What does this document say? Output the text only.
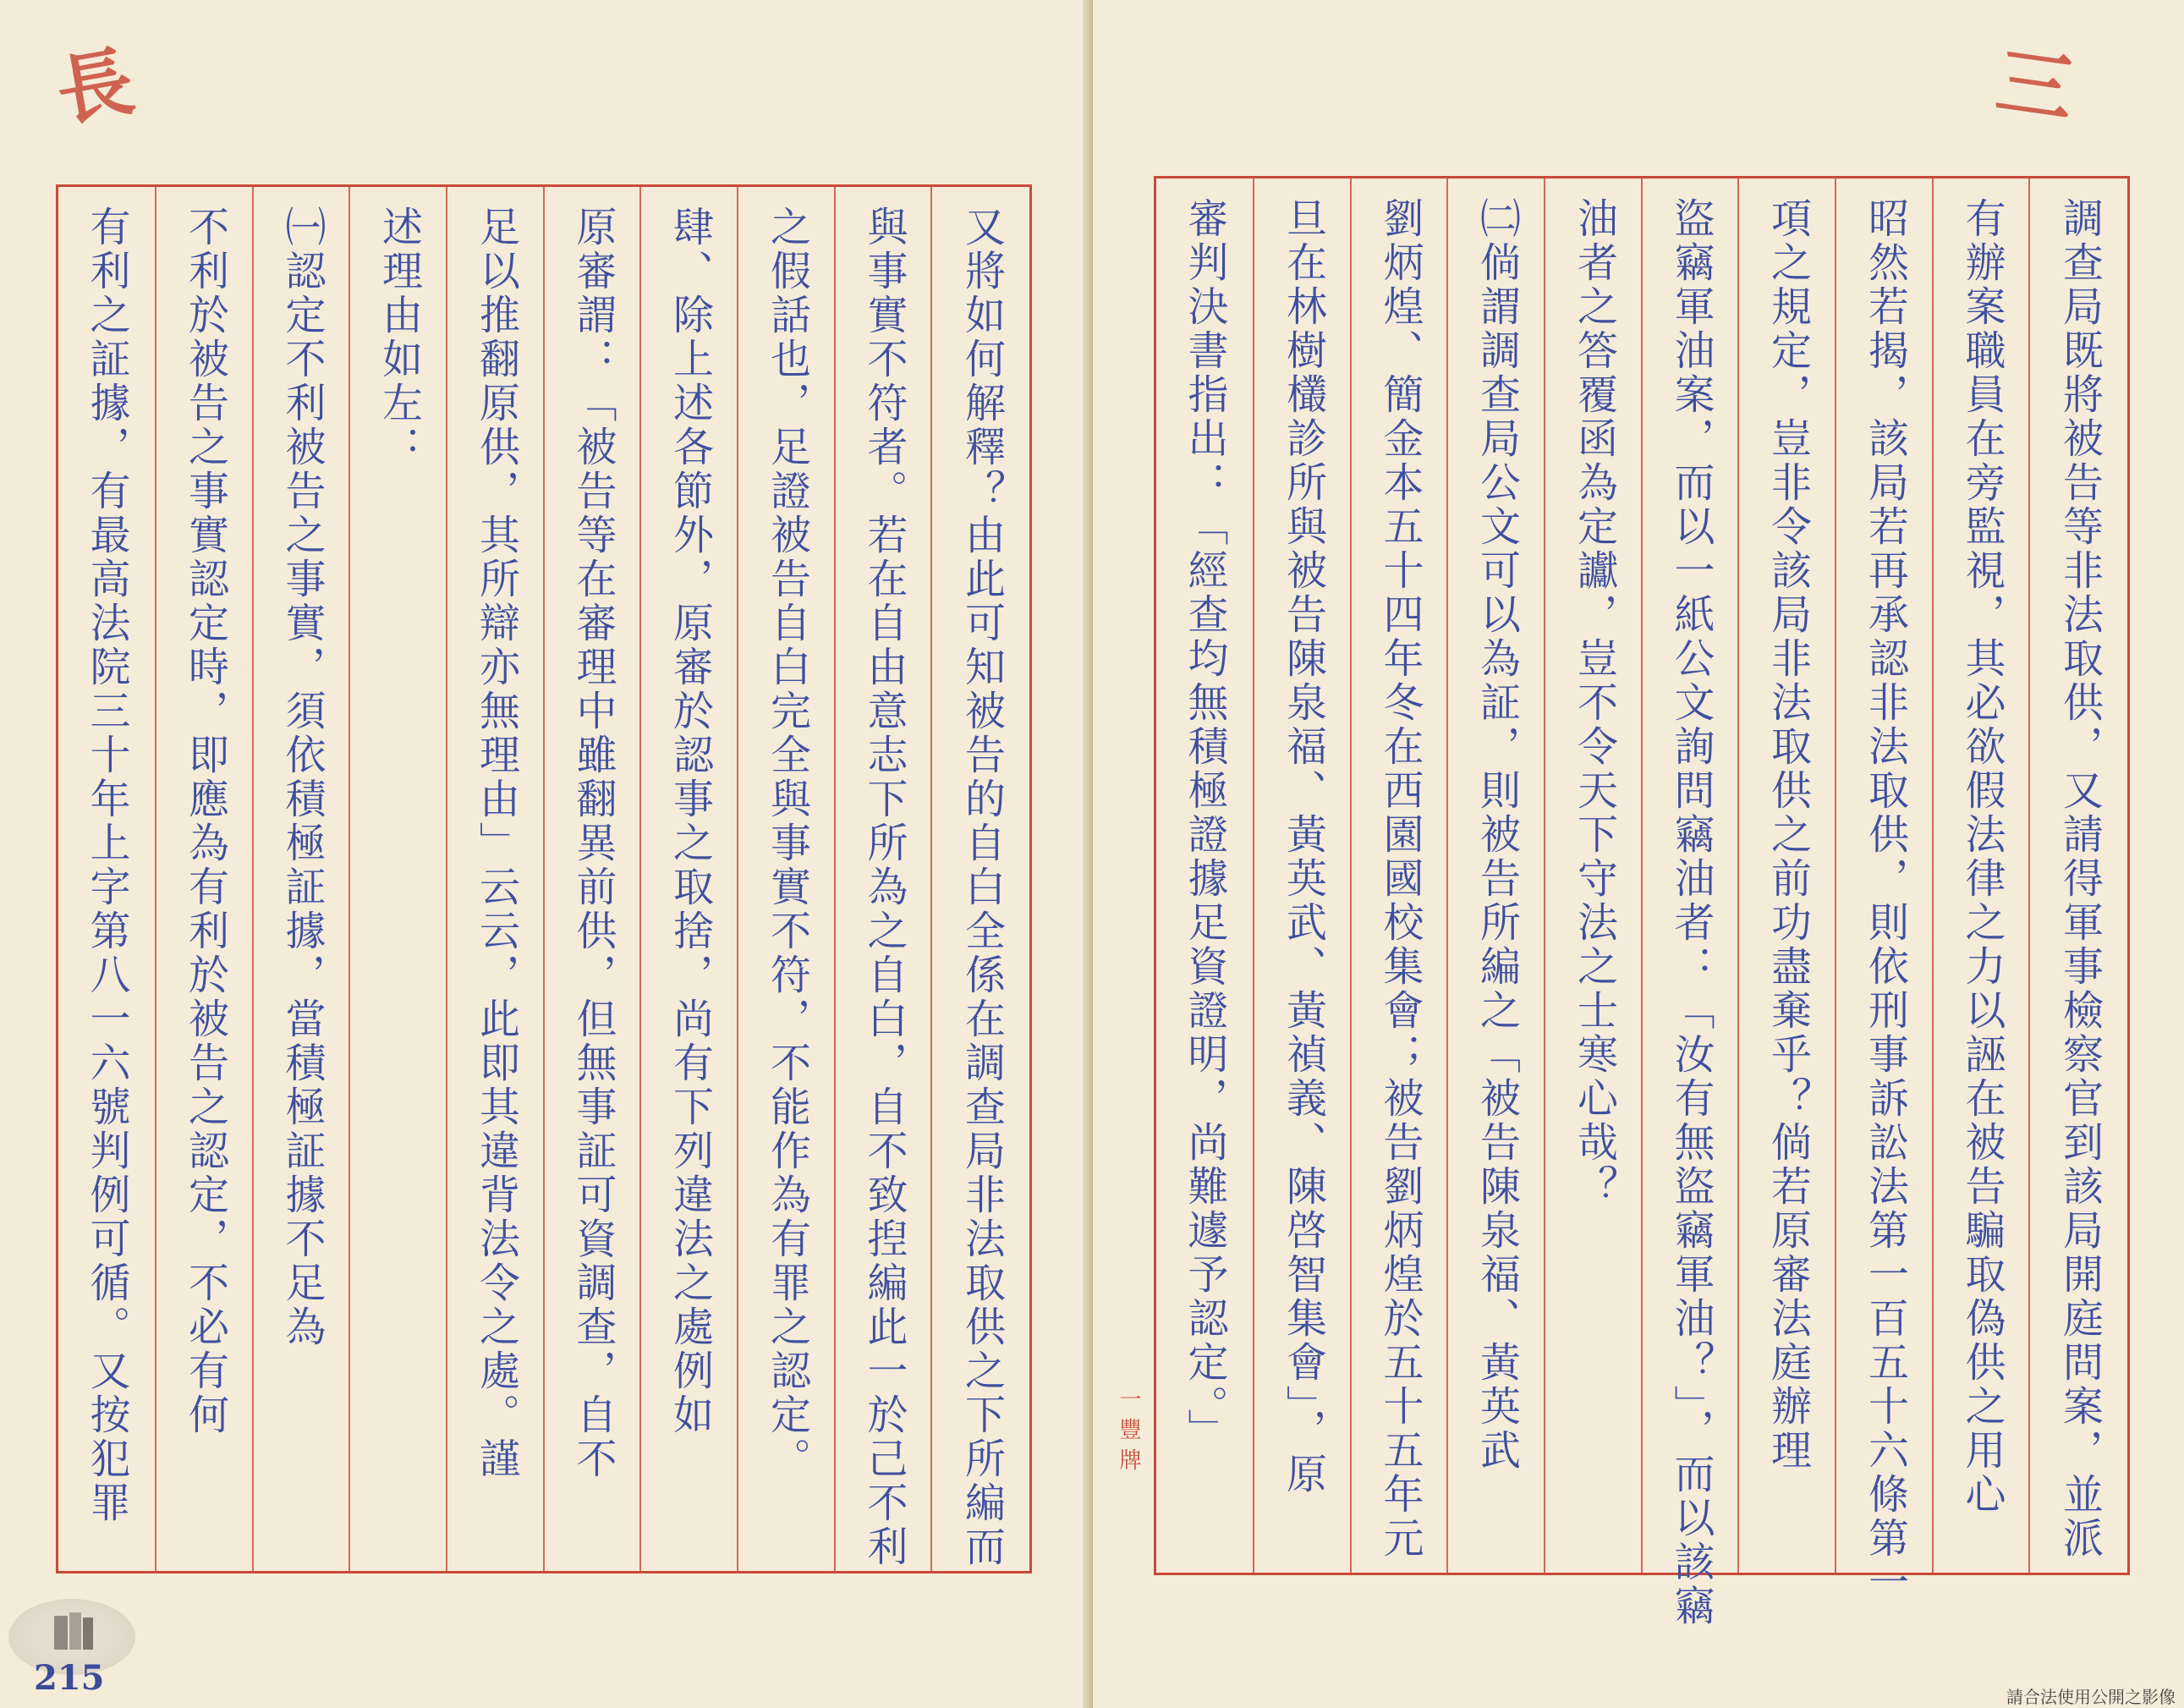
長
有利之証據，有最高法院三十年上字第八一六號判例可循。又按犯罪 不利於被告之事實認定時，即應為有利於被告之認定，不必有何 ㈠認定不利被告之事實，須依積極証據，當積極証據不足為 述理由如左： 足以推翻原供，其所辯亦無理由」云云，此即其違背法令之處。謹 原審謂：「被告等在審理中雖翻異前供，但無事証可資調查，自不 肆、除上述各節外，原審於認事之取捨，尚有下列違法之處例如 之假話也，足證被告自白完全與事實不符，不能作為有罪之認定。 與事實不符者。若在自由意志下所為之自白，自不致揑編此一於己不利 又將如何解釋？由此可知被告的自白全係在調查局非法取供之下所編而
215
審判決書指出：「經查均無積極證據足資證明，尚難遽予認定。」 旦在林樹欉診所與被告陳泉福、黃英武、黃禎義、陳啓智集會」，原 劉炳煌、簡金本五十四年冬在西園國校集會；被告劉炳煌於五十五年元 ㈡倘謂調查局公文可以為証，則被告所編之「被告陳泉福、黃英武 油者之答覆函為定讞，豈不令天下守法之士寒心哉？ 盜竊軍油案，而以一紙公文詢問竊油者：「汝有無盜竊軍油？」，而以該竊 項之規定，豈非令該局非法取供之前功盡棄乎？倘若原審法庭辦理 昭然若揭，該局若再承認非法取供，則依刑事訴訟法第一百五十六條第一 有辦案職員在旁監視，其必欲假法律之力以誣在被告騙取偽供之用心 調查局既將被告等非法取供，又請得軍事檢察官到該局開庭問案，並派
三
一豐牌
請合法使用公開之影像
